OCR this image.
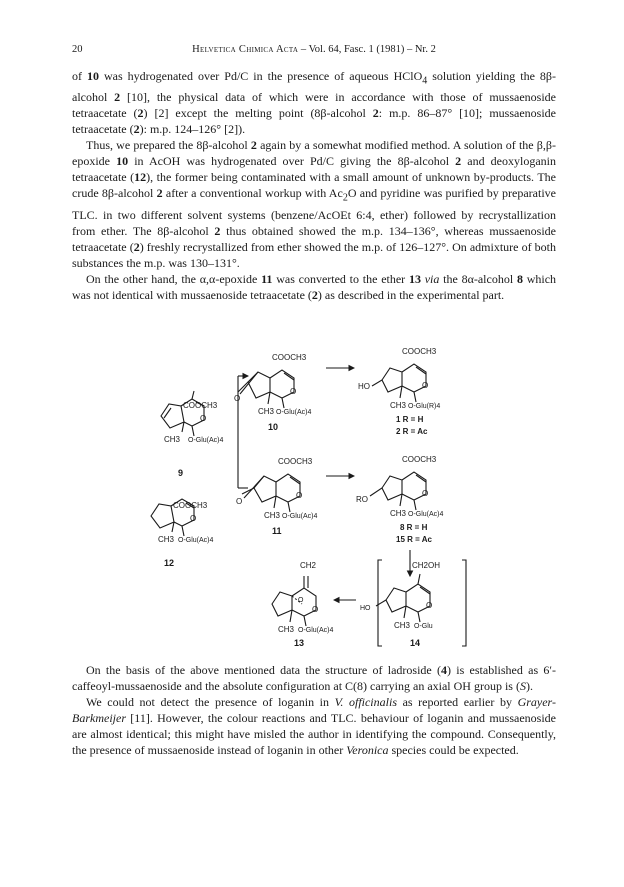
20	Helvetica Chimica Acta – Vol. 64, Fasc. 1 (1981) – Nr. 2

of 10 was hydrogenated over Pd/C in the presence of aqueous HClO$_4$ solution yielding the 8β-alcohol 2 [10], the physical data of which were in accordance with those of mussaenoside tetraacetate (2) [2] except the melting point (8β-alcohol 2: m.p. 86–87° [10]; mussaenoside tetraacetate (2): m.p. 124–126° [2]).

Thus, we prepared the 8β-alcohol 2 again by a somewhat modified method. A solution of the β,β-epoxide 10 in AcOH was hydrogenated over Pd/C giving the 8β-alcohol 2 and deoxyloganin tetraacetate (12), the former being contaminated with a small amount of unknown by-products. The crude 8β-alcohol 2 after a conventional workup with $Ac_2O$ and pyridine was purified by preparative TLC. in two different solvent systems (benzene/AcOEt 6:4, ether) followed by recrystallization from ether. The 8β-alcohol 2 thus obtained showed the m.p. 134–136°, whereas mussaenoside tetraacetate (2) freshly recrystallized from ether showed the m.p. of 126–127°. On admixture of both substances the m.p. was 130–131°.

On the other hand, the α,α-epoxide 11 was converted to the ether 13 via the 8α-alcohol 8 which was not identical with mussaenoside tetraacetate (2) as described in the experimental part.

COOCH3
O
CH3 O-Glu(Ac)4
9
COOCH3
O
CH3 O-Glu(Ac)4
12
COOCH3
O
O
CH3 O-Glu(Ac)4
10
COOCH3
HO	O
CH3 O-Glu(R)4
1 R = H
2 R = Ac
COOCH3
O
O
CH3 O-Glu(Ac)4
11
COOCH3
RO
O
CH3 O-Glu(Ac)4
8 R = H
15 R = Ac
CH2OH
HO	O
CH3 O-Glu
14
CH2
O
O
CH3 O-Glu(Ac)4
13

On the basis of the above mentioned data the structure of ladroside (4) is established as 6′-caffeoyl-mussaenoside and the absolute configuration at C(8) carrying an axial OH group is (S).

We could not detect the presence of loganin in V. officinalis as reported earlier by Grayer-Barkmeijer [11]. However, the colour reactions and TLC. behaviour of loganin and mussaenoside are almost identical; this might have misled the author in identifying the compound. Consequently, the presence of mussaenoside instead of loganin in other Veronica species could be expected.
